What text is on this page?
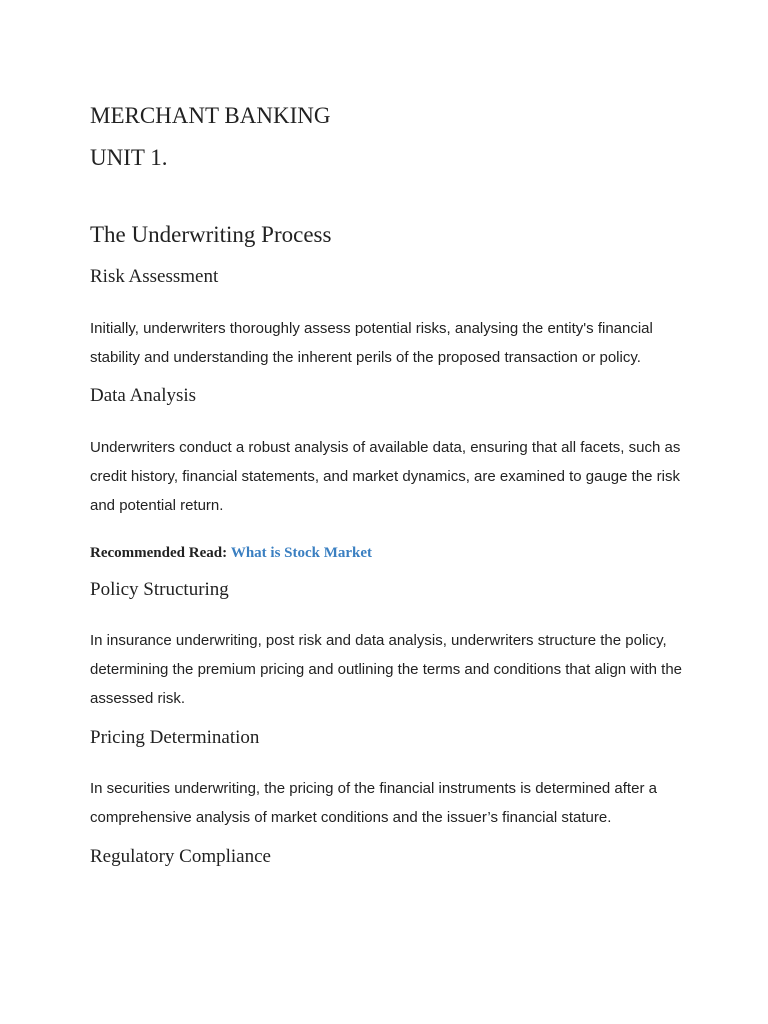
MERCHANT BANKING
UNIT 1.
The Underwriting Process
Risk Assessment
Initially, underwriters thoroughly assess potential risks, analysing the entity's financial stability and understanding the inherent perils of the proposed transaction or policy.
Data Analysis
Underwriters conduct a robust analysis of available data, ensuring that all facets, such as credit history, financial statements, and market dynamics, are examined to gauge the risk and potential return.
Recommended Read: What is Stock Market
Policy Structuring
In insurance underwriting, post risk and data analysis, underwriters structure the policy, determining the premium pricing and outlining the terms and conditions that align with the assessed risk.
Pricing Determination
In securities underwriting, the pricing of the financial instruments is determined after a comprehensive analysis of market conditions and the issuer’s financial stature.
Regulatory Compliance
